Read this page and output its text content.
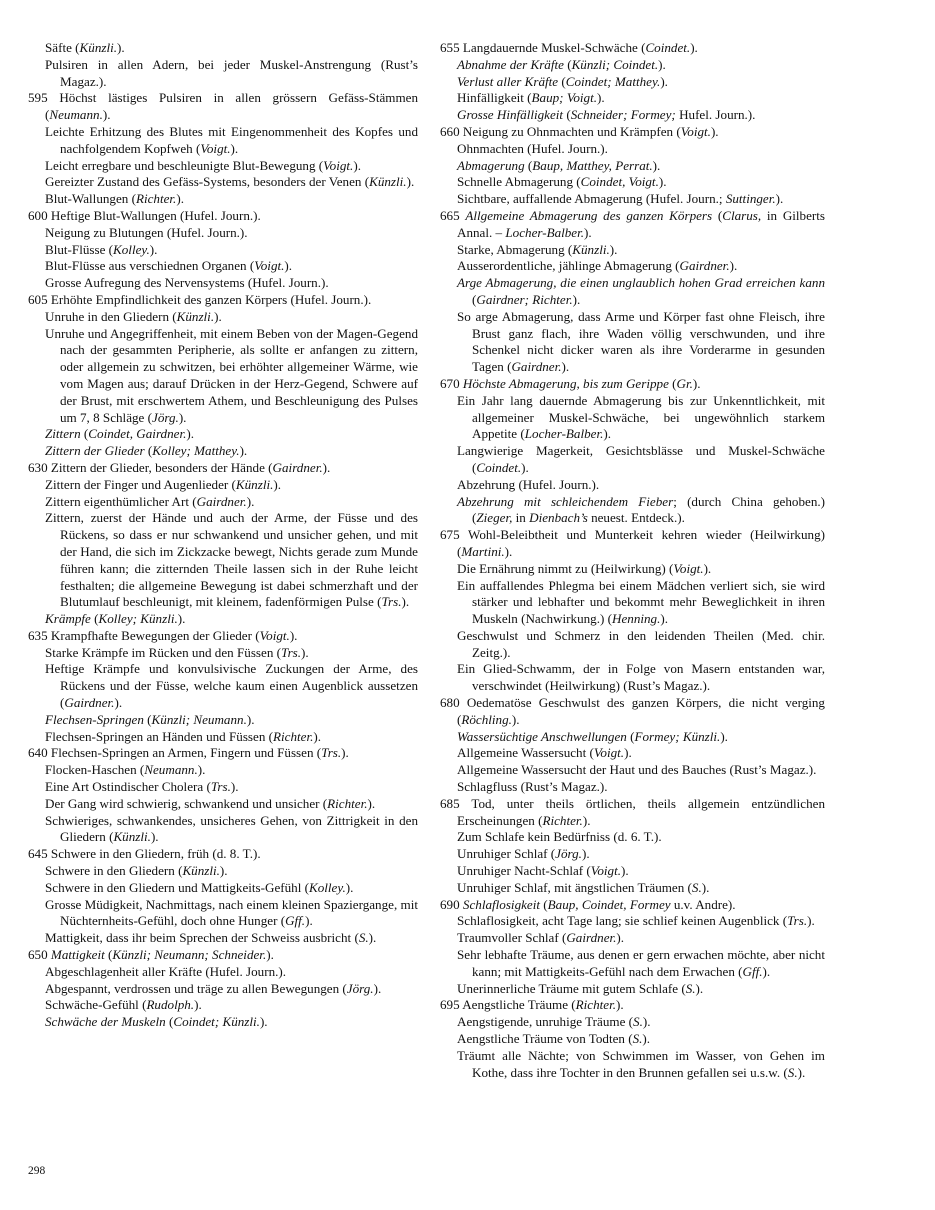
Säfte (Künzli.).
Pulsiren in allen Adern, bei jeder Muskel-Anstrengung (Rust’s Magaz.).
595 Höchst lästiges Pulsiren in allen grössern Gefäss-Stämmen (Neumann.).
Leichte Erhitzung des Blutes mit Eingenommenheit des Kopfes und nachfolgendem Kopfweh (Voigt.).
Leicht erregbare und beschleunigte Blut-Bewegung (Voigt.).
Gereizter Zustand des Gefäss-Systems, besonders der Venen (Künzli.).
Blut-Wallungen (Richter.).
600 Heftige Blut-Wallungen (Hufel. Journ.).
Neigung zu Blutungen (Hufel. Journ.).
Blut-Flüsse (Kolley.).
Blut-Flüsse aus verschiednen Organen (Voigt.).
Grosse Aufregung des Nervensystems (Hufel. Journ.).
605 Erhöhte Empfindlichkeit des ganzen Körpers (Hufel. Journ.).
Unruhe in den Gliedern (Künzli.).
Unruhe und Angegriffenheit, mit einem Beben von der Magen-Gegend nach der gesammten Peripherie, als sollte er anfangen zu zittern, oder allgemein zu schwitzen, bei erhöhter allgemeiner Wärme, wie vom Magen aus; darauf Drücken in der Herz-Gegend, Schwere auf der Brust, mit erschwertem Athem, und Beschleunigung des Pulses um 7, 8 Schläge (Jörg.).
Zittern (Coindet, Gairdner.).
Zittern der Glieder (Kolley; Matthey.).
630 Zittern der Glieder, besonders der Hände (Gairdner.).
Zittern der Finger und Augenlieder (Künzli.).
Zittern eigenthümlicher Art (Gairdner.).
Zittern, zuerst der Hände und auch der Arme, der Füsse und des Rückens, so dass er nur schwankend und unsicher gehen, und mit der Hand, die sich im Zickzacke bewegt, Nichts gerade zum Munde führen kann; die zitternden Theile lassen sich in der Ruhe leicht festhalten; die allgemeine Bewegung ist dabei schmerzhaft und der Blutumlauf beschleunigt, mit kleinem, fadenförmigen Pulse (Trs.).
Krämpfe (Kolley; Künzli.).
635 Krampfhafte Bewegungen der Glieder (Voigt.).
Starke Krämpfe im Rücken und den Füssen (Trs.).
Heftige Krämpfe und konvulsivische Zuckungen der Arme, des Rückens und der Füsse, welche kaum einen Augenblick aussetzen (Gairdner.).
Flechsen-Springen (Künzli; Neumann.).
Flechsen-Springen an Händen und Füssen (Richter.).
640 Flechsen-Springen an Armen, Fingern und Füssen (Trs.).
Flocken-Haschen (Neumann.).
Eine Art Ostindischer Cholera (Trs.).
Der Gang wird schwierig, schwankend und unsicher (Richter.).
Schwieriges, schwankendes, unsicheres Gehen, von Zittrigkeit in den Gliedern (Künzli.).
645 Schwere in den Gliedern, früh (d. 8. T.).
Schwere in den Gliedern (Künzli.).
Schwere in den Gliedern und Mattigkeits-Gefühl (Kolley.).
Grosse Müdigkeit, Nachmittags, nach einem kleinen Spaziergange, mit Nüchternheits-Gefühl, doch ohne Hunger (Gff.).
Mattigkeit, dass ihr beim Sprechen der Schweiss ausbricht (S.).
650 Mattigkeit (Künzli; Neumann; Schneider.).
Abgeschlagenheit aller Kräfte (Hufel. Journ.).
Abgespannt, verdrossen und träge zu allen Bewegungen (Jörg.).
Schwäche-Gefühl (Rudolph.).
Schwäche der Muskeln (Coindet; Künzli.).
655 Langdauernde Muskel-Schwäche (Coindet.).
Abnahme der Kräfte (Künzli; Coindet.).
Verlust aller Kräfte (Coindet; Matthey.).
Hinfälligkeit (Baup; Voigt.).
Grosse Hinfälligkeit (Schneider; Formey; Hufel. Journ.).
660 Neigung zu Ohnmachten und Krämpfen (Voigt.).
Ohnmachten (Hufel. Journ.).
Abmagerung (Baup, Matthey, Perrat.).
Schnelle Abmagerung (Coindet, Voigt.).
Sichtbare, auffallende Abmagerung (Hufel. Journ.; Suttinger.).
665 Allgemeine Abmagerung des ganzen Körpers (Clarus, in Gilberts Annal. – Locher-Balber.).
Starke, Abmagerung (Künzli.).
Ausserordentliche, jählinge Abmagerung (Gairdner.).
Arge Abmagerung, die einen unglaublich hohen Grad erreichen kann (Gairdner; Richter.).
So arge Abmagerung, dass Arme und Körper fast ohne Fleisch, ihre Brust ganz flach, ihre Waden völlig verschwunden, und ihre Schenkel nicht dicker waren als ihre Vorderarme in gesunden Tagen (Gairdner.).
670 Höchste Abmagerung, bis zum Gerippe (Gr.).
Ein Jahr lang dauernde Abmagerung bis zur Unkenntlichkeit, mit allgemeiner Muskel-Schwäche, bei ungewöhnlich starkem Appetite (Locher-Balber.).
Langwierige Magerkeit, Gesichtsblässe und Muskel-Schwäche (Coindet.).
Abzehrung (Hufel. Journ.).
Abzehrung mit schleichendem Fieber; (durch China gehoben.) (Zieger, in Dienbach’s neuest. Entdeck.).
675 Wohl-Beleibtheit und Munterkeit kehren wieder (Heilwirkung) (Martini.).
Die Ernährung nimmt zu (Heilwirkung) (Voigt.).
Ein auffallendes Phlegma bei einem Mädchen verliert sich, sie wird stärker und lebhafter und bekommt mehr Beweglichkeit in ihren Muskeln (Nachwirkung.) (Henning.).
Geschwulst und Schmerz in den leidenden Theilen (Med. chir. Zeitg.).
Ein Glied-Schwamm, der in Folge von Masern entstanden war, verschwindet (Heilwirkung) (Rust’s Magaz.).
680 Oedematöse Geschwulst des ganzen Körpers, die nicht verging (Röchling.).
Wassersüchtige Anschwellungen (Formey; Künzli.).
Allgemeine Wassersucht (Voigt.).
Allgemeine Wassersucht der Haut und des Bauches (Rust’s Magaz.).
Schlagfluss (Rust’s Magaz.).
685 Tod, unter theils örtlichen, theils allgemein entzündlichen Erscheinungen (Richter.).
Zum Schlafe kein Bedürfniss (d. 6. T.).
Unruhiger Schlaf (Jörg.).
Unruhiger Nacht-Schlaf (Voigt.).
Unruhiger Schlaf, mit ängstlichen Träumen (S.).
690 Schlaflosigkeit (Baup, Coindet, Formey u.v. Andre).
Schlaflosigkeit, acht Tage lang; sie schlief keinen Augenblick (Trs.).
Traumvoller Schlaf (Gairdner.).
Sehr lebhafte Träume, aus denen er gern erwachen möchte, aber nicht kann; mit Mattigkeits-Gefühl nach dem Erwachen (Gff.).
Unerinnerliche Träume mit gutem Schlafe (S.).
695 Aengstliche Träume (Richter.).
Aengstigende, unruhige Träume (S.).
Aengstliche Träume von Todten (S.).
Träumt alle Nächte; von Schwimmen im Wasser, von Gehen im Kothe, dass ihre Tochter in den Brunnen gefallen sei u.s.w. (S.).
298
